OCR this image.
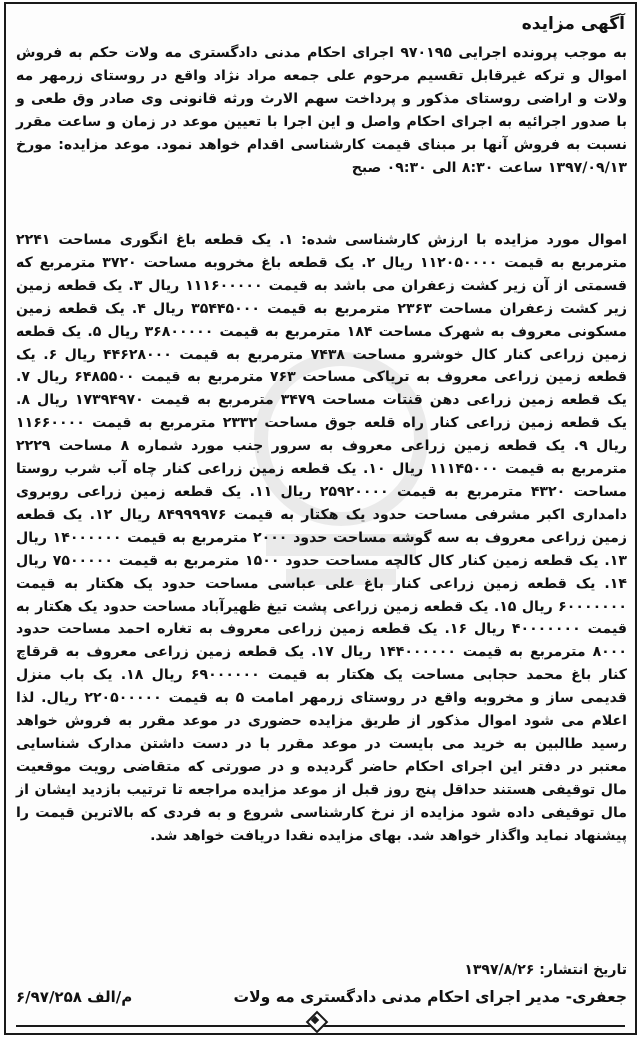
آگهی مزایده
به موجب پرونده اجرایی ۹۷۰۱۹۵ اجرای احکام مدنی دادگستری مه ولات حکم به فروش اموال و ترکه غیرقابل تقسیم مرحوم علی جمعه مراد نژاد واقع در روستای زرمهر مه ولات و اراضی روستای مذکور و پرداخت سهم الارث ورثه قانونی وی صادر وق طعی و با صدور اجرائیه به اجرای احکام واصل و این اجرا با تعیین موعد در زمان و ساعت مقرر نسبت به فروش آنها بر مبنای قیمت کارشناسی اقدام خواهد نمود. موعد مزایده: مورخ ۱۳۹۷/۰۹/۱۳ ساعت ۸:۳۰ الی ۰۹:۳۰ صبح
اموال مورد مزایده با ارزش کارشناسی شده: ۱. یک قطعه باغ انگوری مساحت ۲۲۴۱ مترمربع به قیمت ۱۱۲۰۵۰۰۰۰ ریال ۲. یک قطعه باغ مخروبه مساحت ۳۷۲۰ مترمربع که قسمتی از آن زیر کشت زعفران می باشد به قیمت ۱۱۱۶۰۰۰۰۰ ریال ۳. یک قطعه زمین زیر کشت زعفران مساحت ۲۳۶۳ مترمربع به قیمت ۳۵۴۴۵۰۰۰ ریال ۴. یک قطعه زمین مسکونی معروف به شهرک مساحت ۱۸۴ مترمربع به قیمت ۳۶۸۰۰۰۰۰ ریال ۵. یک قطعه زمین زراعی کنار کال خوشرو مساحت ۷۴۳۸ مترمربع به قیمت ۴۴۶۲۸۰۰۰ ریال ۶. یک قطعه زمین زراعی معروف به تریاکی مساحت ۷۶۳ مترمربع به قیمت ۶۴۸۵۵۰۰ ریال ۷. یک قطعه زمین زراعی دهن قنتات مساحت ۳۴۷۹ مترمربع به قیمت ۱۷۳۹۴۹۷۰ ریال ۸. یک قطعه زمین زراعی کنار راه قلعه جوق مساحت ۲۳۳۲ مترمربع به قیمت ۱۱۶۶۰۰۰۰ ریال ۹. یک قطعه زمین زراعی معروف به سرور جنب مورد شماره ۸ مساحت ۲۲۲۹ مترمربع به قیمت ۱۱۱۴۵۰۰۰ ریال ۱۰. یک قطعه زمین زراعی کنار چاه آب شرب روستا مساحت ۴۳۲۰ مترمربع به قیمت ۲۵۹۲۰۰۰۰ ریال ۱۱. یک قطعه زمین زراعی روبروی دامداری اکبر مشرفی مساحت حدود یک هکتار به قیمت ۸۴۹۹۹۹۷۶ ریال ۱۲. یک قطعه زمین زراعی معروف به سه گوشه مساحت حدود ۲۰۰۰ مترمربع به قیمت ۱۴۰۰۰۰۰۰ ریال ۱۳. یک قطعه زمین کنار کال کالچه مساحت حدود ۱۵۰۰ مترمربع به قیمت ۷۵۰۰۰۰۰ ریال ۱۴. یک قطعه زمین زراعی کنار باغ علی عباسی مساحت حدود یک هکتار به قیمت ۶۰۰۰۰۰۰۰ ریال ۱۵. یک قطعه زمین زراعی پشت تیغ ظهیرآباد مساحت حدود یک هکتار به قیمت ۴۰۰۰۰۰۰۰ ریال ۱۶. یک قطعه زمین زراعی معروف به تغاره احمد مساحت حدود ۸۰۰۰ مترمربع به قیمت ۱۴۴۰۰۰۰۰۰ ریال ۱۷. یک قطعه زمین زراعی معروف به قرقاچ کنار باغ محمد حجابی مساحت یک هکتار به قیمت ۶۹۰۰۰۰۰۰ ریال ۱۸. یک باب منزل قدیمی ساز و مخروبه واقع در روستای زرمهر امامت ۵ به قیمت ۲۲۰۵۰۰۰۰۰ ریال. لذا اعلام می شود اموال مذکور از طریق مزایده حضوری در موعد مقرر به فروش خواهد رسید طالبین به خرید می بایست در موعد مقرر با در دست داشتن مدارک شناسایی معتبر در دفتر این اجرای احکام حاضر گردیده و در صورتی که متقاضی رویت موقعیت مال توقیفی هستند حداقل پنج روز قبل از موعد مزایده مراجعه تا ترتیب بازدید ایشان از مال توقیفی داده شود مزایده از نرخ کارشناسی شروع و به فردی که بالاترین قیمت را پیشنهاد نماید واگذار خواهد شد. بهای مزایده نقدا دریافت خواهد شد.
تاریخ انتشار: ۱۳۹۷/۸/۲۶
جعفری- مدیر اجرای احکام مدنی دادگستری مه ولات
م/الف ۶/۹۷/۲۵۸
